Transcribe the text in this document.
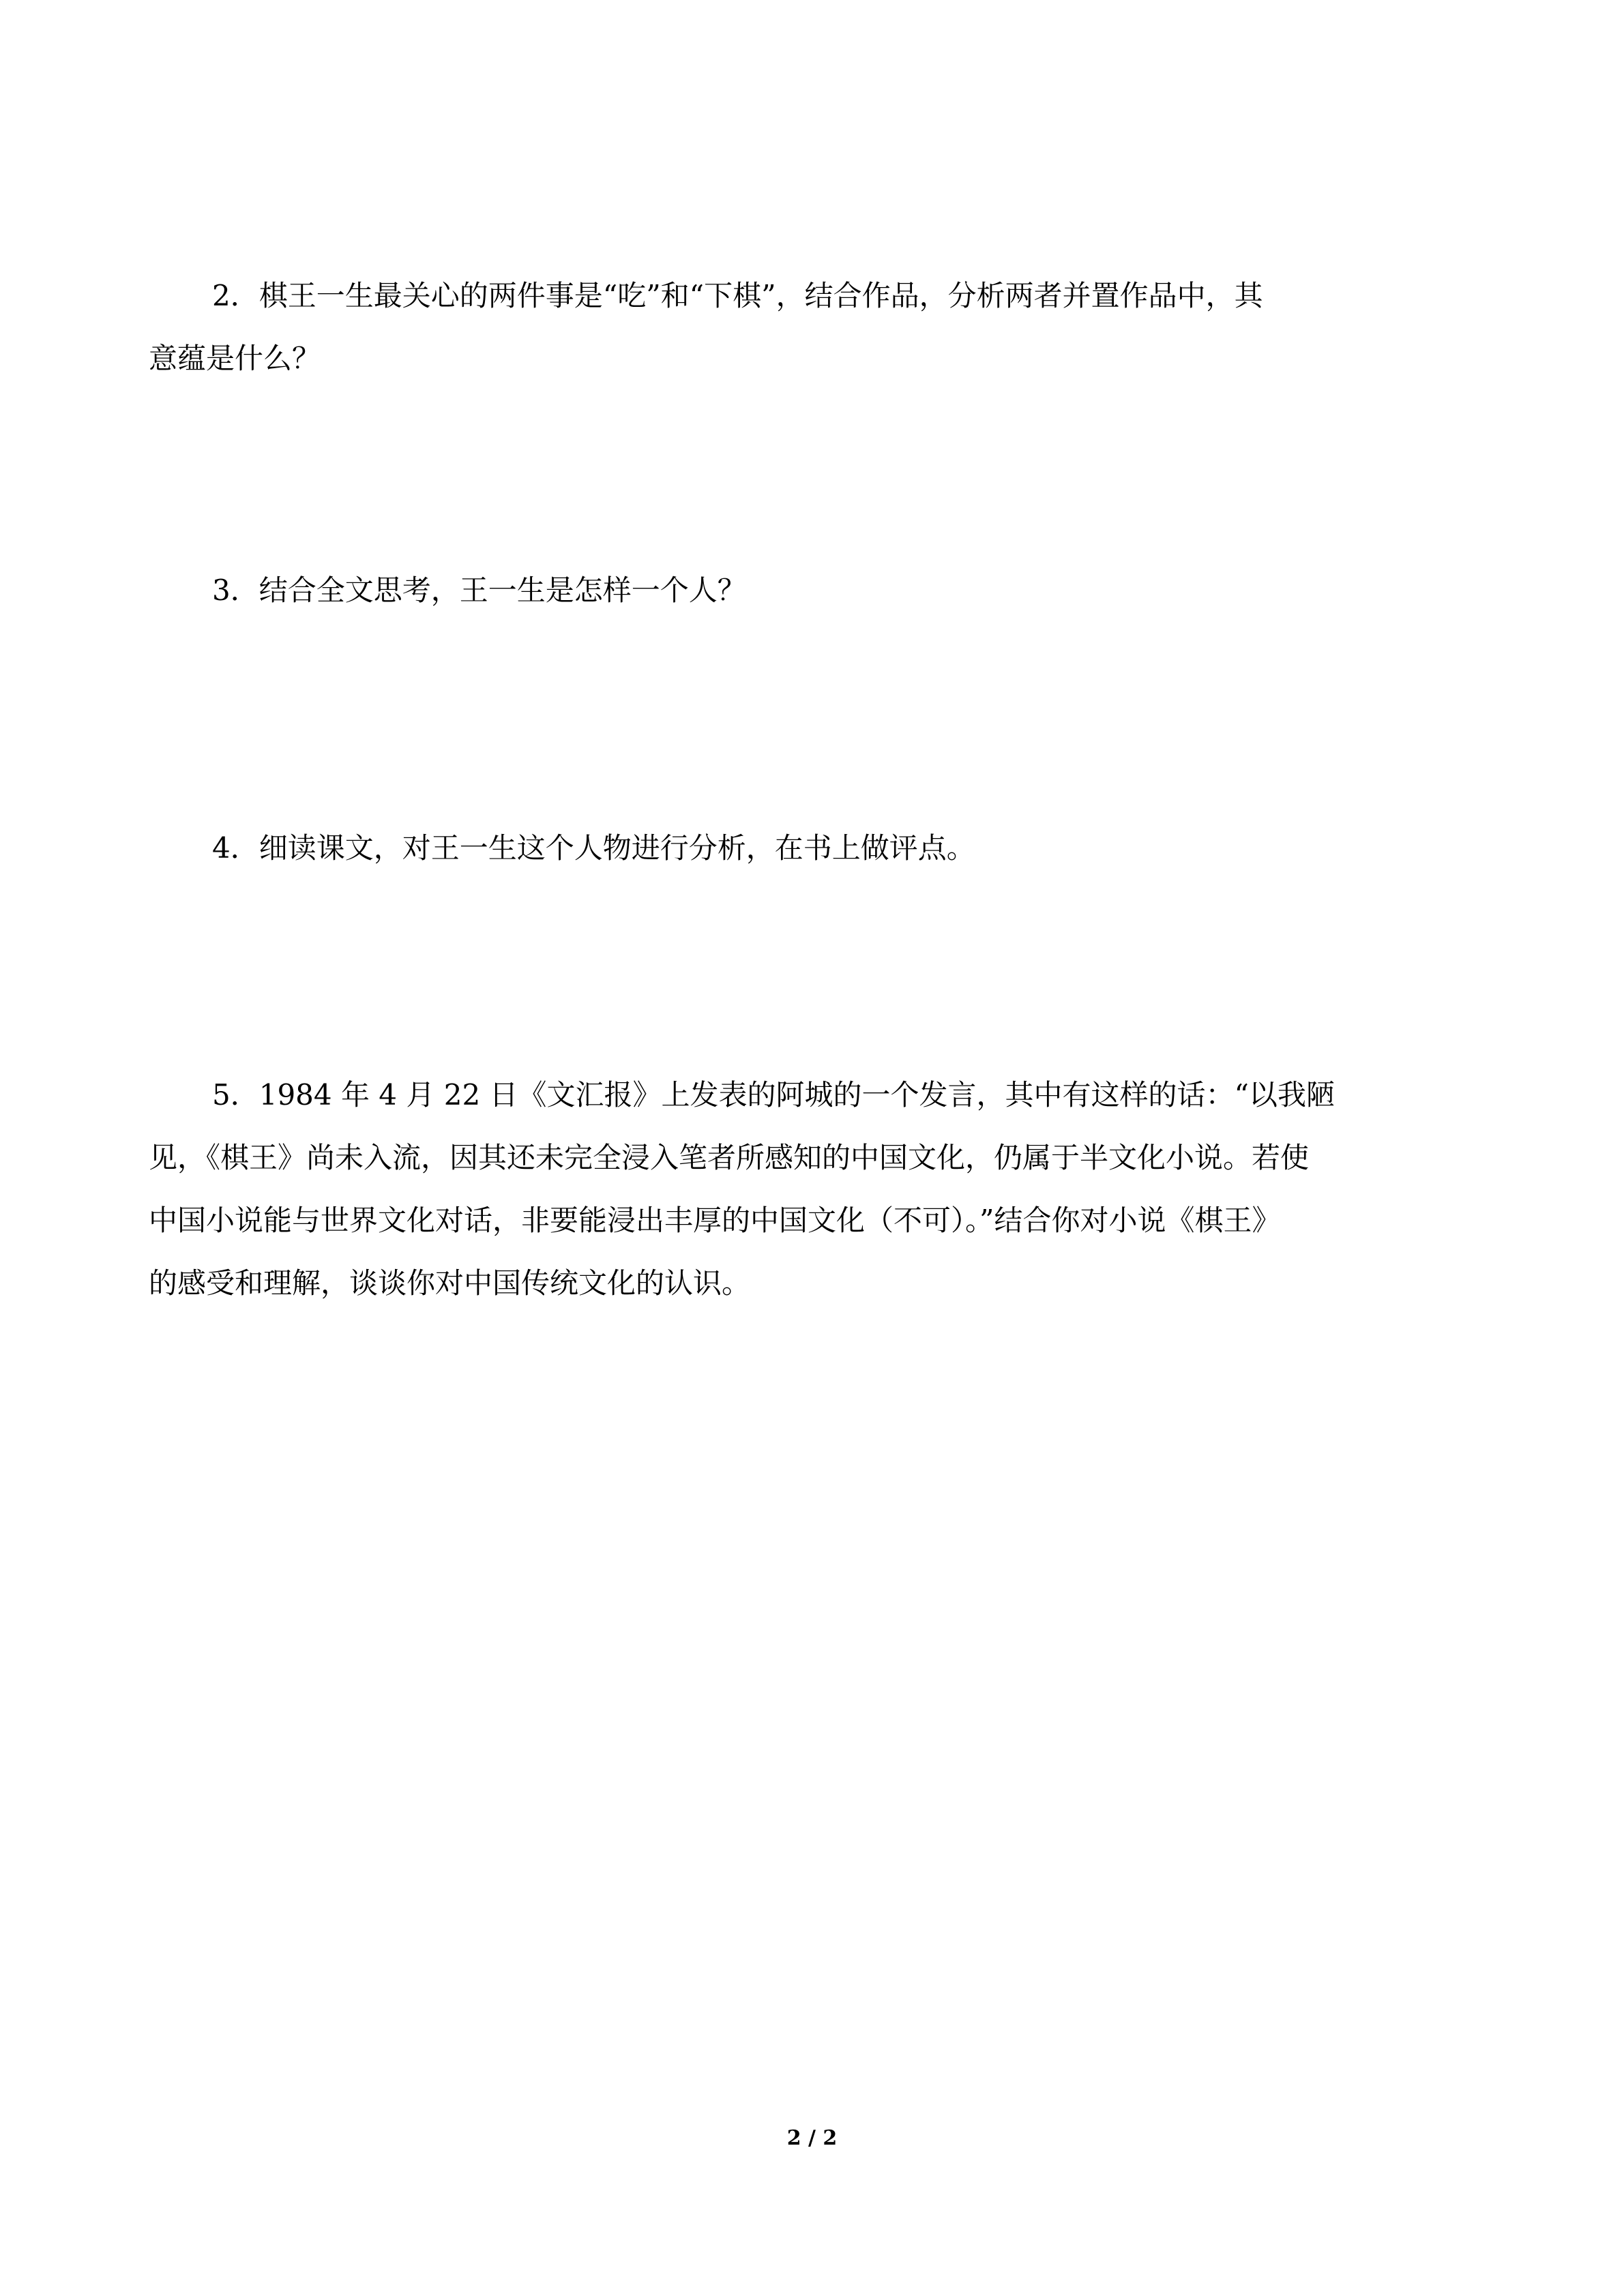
2．棋王一生最关心的两件事是“吃”和“下棋”，结合作品，分析两者并置作品中，其
意蕴是什么？
3．结合全文思考，王一生是怎样一个人？
4．细读课文，对王一生这个人物进行分析，在书上做评点。
5．1984 年 4 月 22 日《文汇报》上发表的阿城的一个发言，其中有这样的话：“以我陋
见，《棋王》尚未入流，因其还未完全浸入笔者所感知的中国文化，仍属于半文化小说。若使
中国小说能与世界文化对话，非要能浸出丰厚的中国文化（不可）。”结合你对小说《棋王》
的感受和理解，谈谈你对中国传统文化的认识。
2 / 2
